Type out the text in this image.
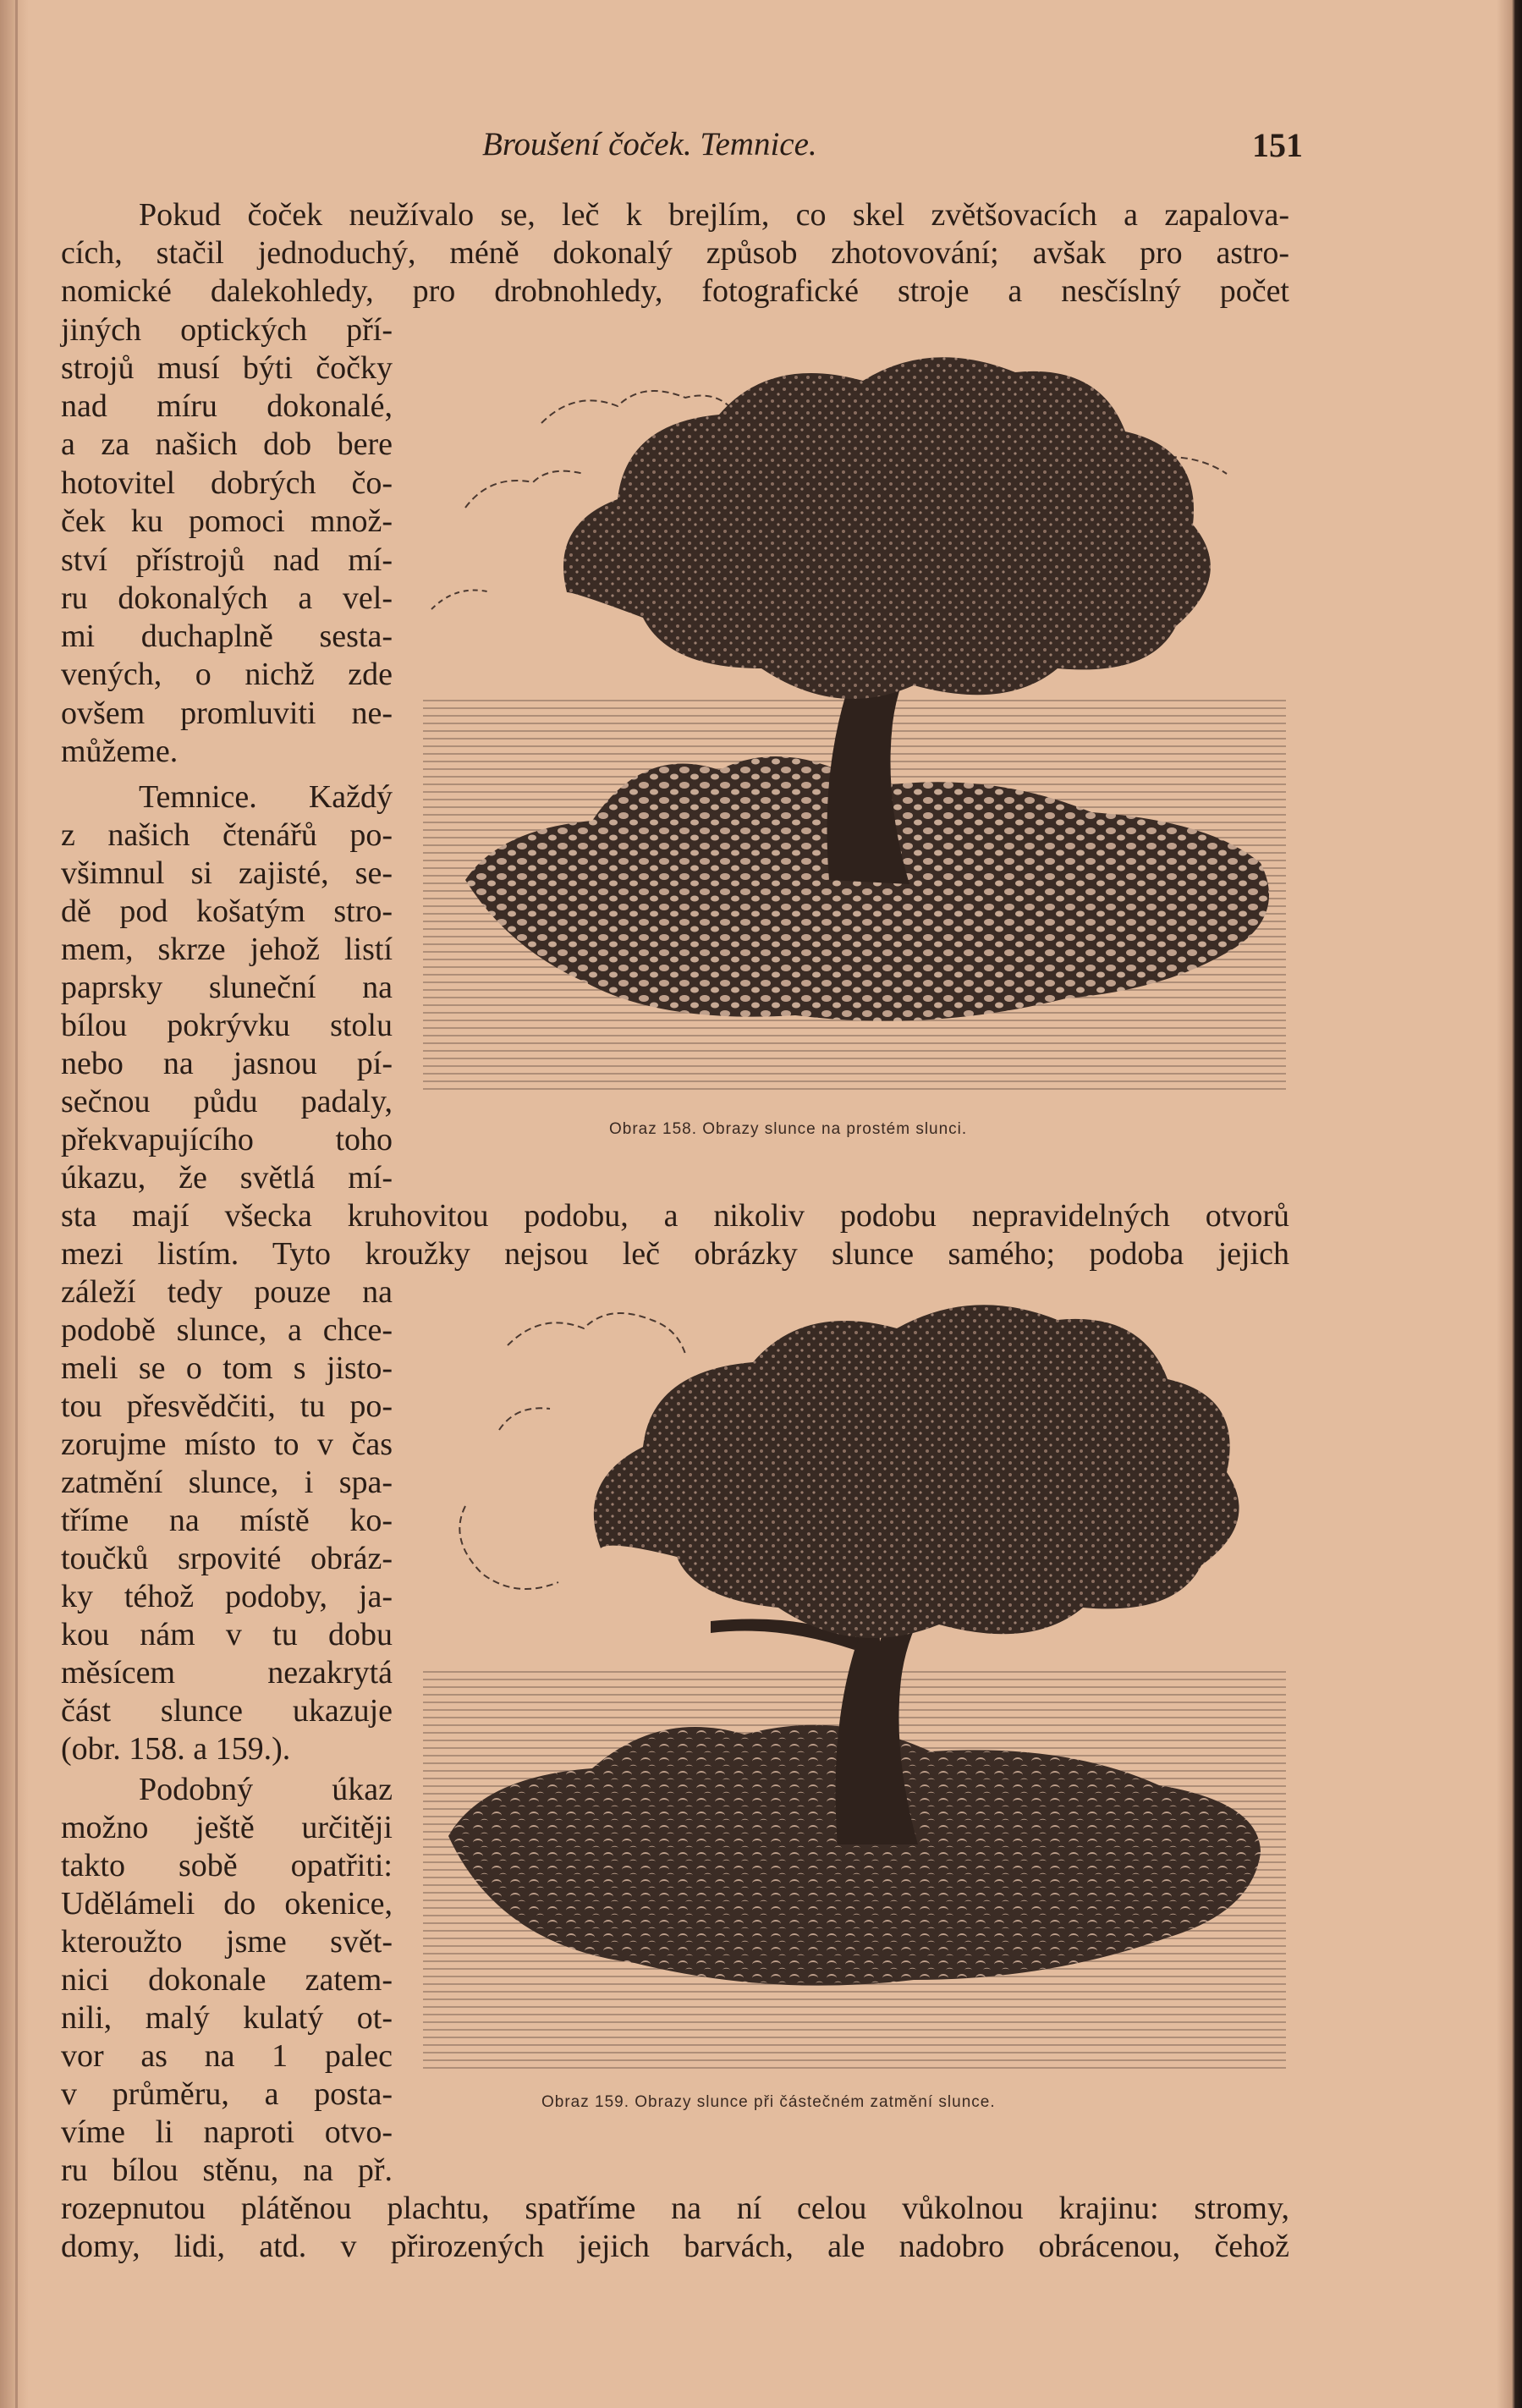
Broušení čoček. Temnice.	151
Pokud čoček neužívalo se, leč k brejlím, co skel zvětšovacích a zapalova-
cích, stačil jednoduchý, méně dokonalý způsob zhotovování; avšak pro astro-
nomické dalekohledy, pro drobnohledy, fotografické stroje a nesčíslný počet
jiných optických pří-
strojů musí býti čočky
nad míru dokonalé,
a za našich dob bere
hotovitel dobrých čo-
ček ku pomoci množ-
ství přístrojů nad mí-
ru dokonalých a vel-
mi duchaplně sesta-
vených, o nichž zde
ovšem promluviti ne-
můžeme.
Temnice. Každý
z našich čtenářů po-
všimnul si zajisté, se-
dě pod košatým stro-
mem, skrze jehož listí
paprsky sluneční na
bílou pokrývku stolu
nebo na jasnou pí-
sečnou půdu padaly,
překvapujícího toho
úkazu, že světlá mí-
sta mají všecka kruhovitou podobu, a nikoliv podobu nepravidelných otvorů
mezi listím. Tyto kroužky nejsou leč obrázky slunce samého; podoba jejich
záleží tedy pouze na
podobě slunce, a chce-
meli se o tom s jisto-
tou přesvědčiti, tu po-
zorujme místo to v čas
zatmění slunce, i spa-
tříme na místě ko-
toučků srpovité obráz-
ky téhož podoby, ja-
kou nám v tu dobu
měsícem nezakrytá
část slunce ukazuje
(obr. 158. a 159.).
Podobný úkaz
možno ještě určitěji
takto sobě opatřiti:
Udělámeli do okenice,
kteroužto jsme svět-
nici dokonale zatem-
nili, malý kulatý ot-
vor as na 1 palec
v průměru, a posta-
víme li naproti otvo-
ru bílou stěnu, na př.
rozepnutou plátěnou plachtu, spatříme na ní celou vůkolnou krajinu: stromy,
domy, lidi, atd. v přirozených jejich barvách, ale nadobro obrácenou, čehož
Obraz 158. Obrazy slunce na prostém slunci.
Obraz 159. Obrazy slunce při částečném zatmění slunce.
